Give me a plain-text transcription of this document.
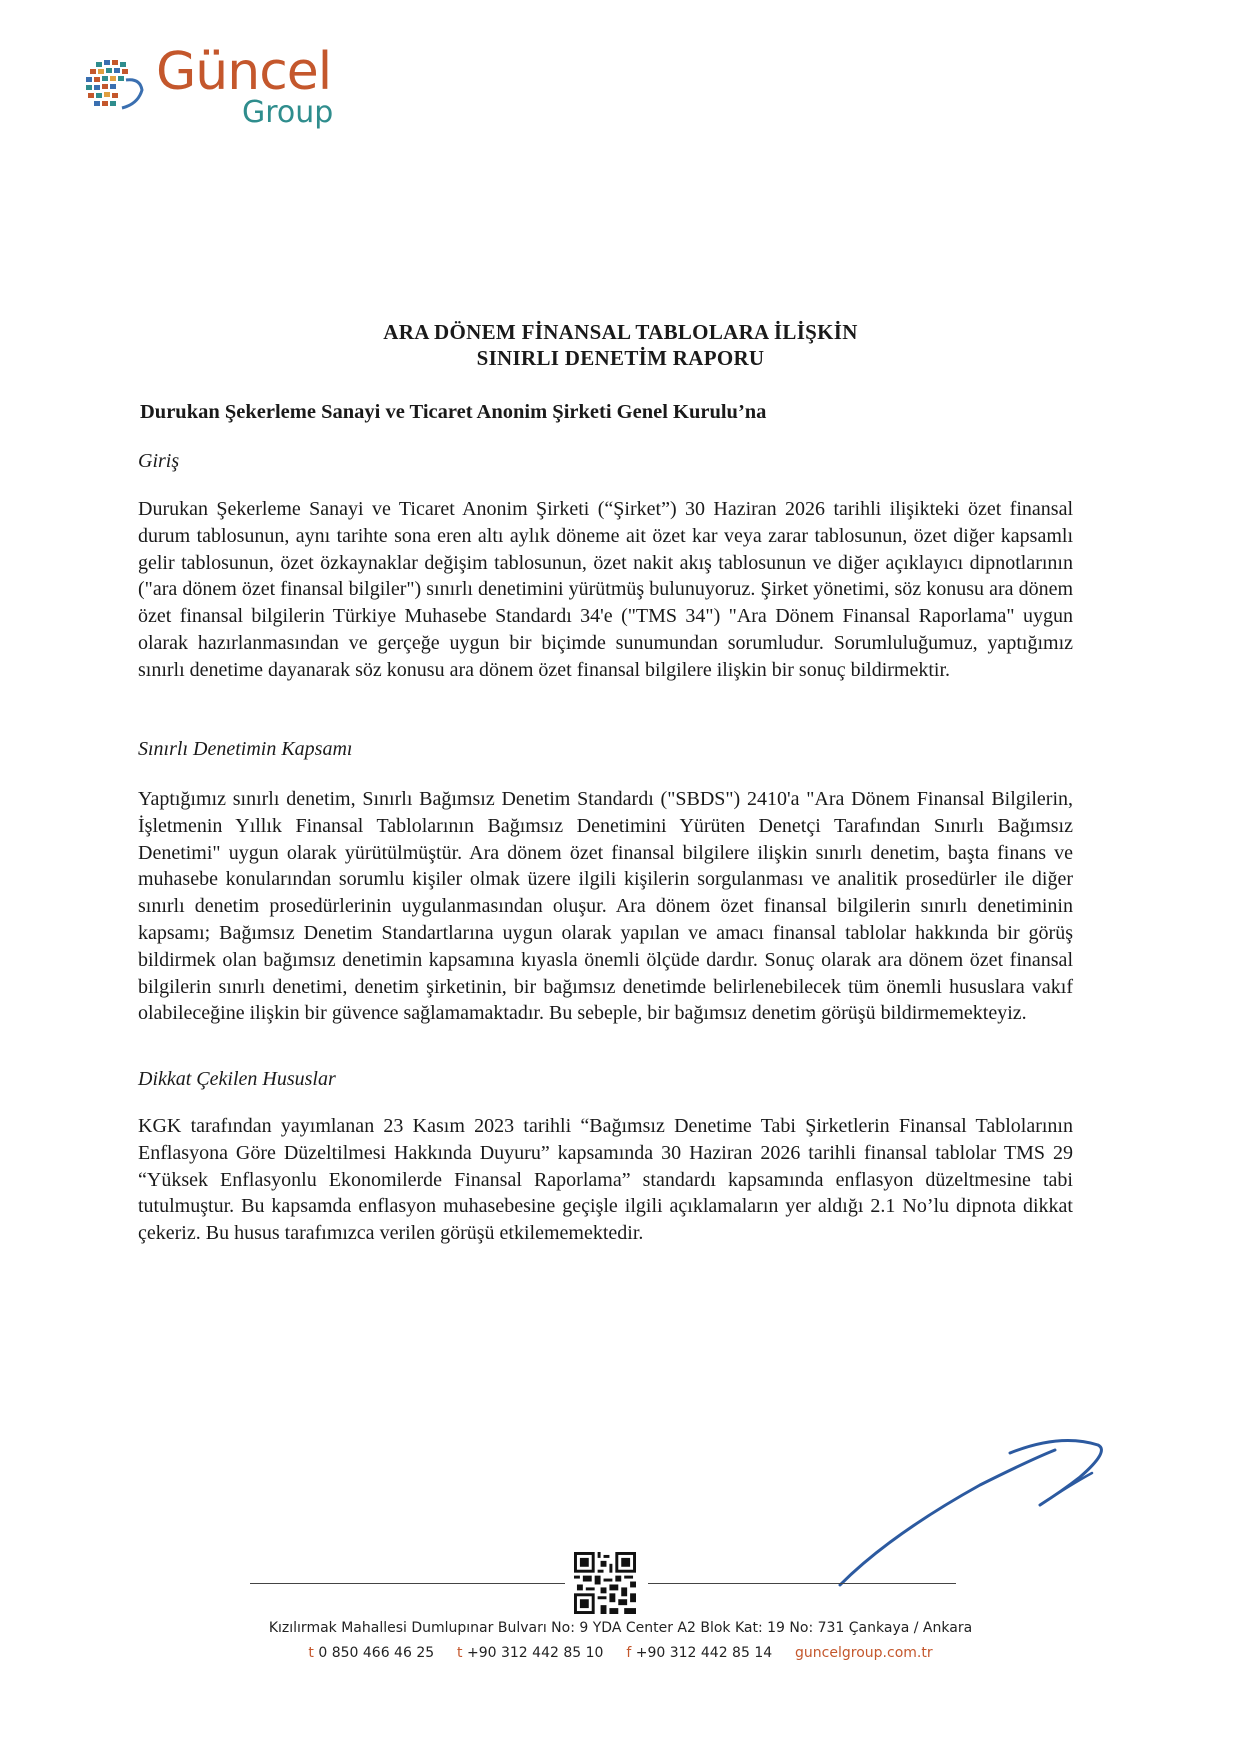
Güncel
Group
ARA DÖNEM FİNANSAL TABLOLARA İLİŞKİN
SINIRLI DENETİM RAPORU
Durukan Şekerleme Sanayi ve Ticaret Anonim Şirketi Genel Kurulu’na
Giriş

Durukan Şekerleme Sanayi ve Ticaret Anonim Şirketi (“Şirket”) 30 Haziran 2026 tarihli ilişikteki özet finansal durum tablosunun, aynı tarihte sona eren altı aylık döneme ait özet kar veya zarar tablosunun, özet diğer kapsamlı gelir tablosunun, özet özkaynaklar değişim tablosunun, özet nakit akış tablosunun ve diğer açıklayıcı dipnotlarının ("ara dönem özet finansal bilgiler") sınırlı denetimini yürütmüş bulunuyoruz. Şirket yönetimi, söz konusu ara dönem özet finansal bilgilerin Türkiye Muhasebe Standardı 34'e ("TMS 34") "Ara Dönem Finansal Raporlama" uygun olarak hazırlanmasından ve gerçeğe uygun bir biçimde sunumundan sorumludur. Sorumluluğumuz, yaptığımız sınırlı denetime dayanarak söz konusu ara dönem özet finansal bilgilere ilişkin bir sonuç bildirmektir.

Sınırlı Denetimin Kapsamı

Yaptığımız sınırlı denetim, Sınırlı Bağımsız Denetim Standardı ("SBDS") 2410'a "Ara Dönem Finansal Bilgilerin, İşletmenin Yıllık Finansal Tablolarının Bağımsız Denetimini Yürüten Denetçi Tarafından Sınırlı Bağımsız Denetimi" uygun olarak yürütülmüştür. Ara dönem özet finansal bilgilere ilişkin sınırlı denetim, başta finans ve muhasebe konularından sorumlu kişiler olmak üzere ilgili kişilerin sorgulanması ve analitik prosedürler ile diğer sınırlı denetim prosedürlerinin uygulanmasından oluşur. Ara dönem özet finansal bilgilerin sınırlı denetiminin kapsamı; Bağımsız Denetim Standartlarına uygun olarak yapılan ve amacı finansal tablolar hakkında bir görüş bildirmek olan bağımsız denetimin kapsamına kıyasla önemli ölçüde dardır. Sonuç olarak ara dönem özet finansal bilgilerin sınırlı denetimi, denetim şirketinin, bir bağımsız denetimde belirlenebilecek tüm önemli hususlara vakıf olabileceğine ilişkin bir güvence sağlamamaktadır. Bu sebeple, bir bağımsız denetim görüşü bildirmemekteyiz.

Dikkat Çekilen Hususlar

KGK tarafından yayımlanan 23 Kasım 2023 tarihli “Bağımsız Denetime Tabi Şirketlerin Finansal Tablolarının Enflasyona Göre Düzeltilmesi Hakkında Duyuru” kapsamında 30 Haziran 2026 tarihli finansal tablolar TMS 29 “Yüksek Enflasyonlu Ekonomilerde Finansal Raporlama” standardı kapsamında enflasyon düzeltmesine tabi tutulmuştur. Bu kapsamda enflasyon muhasebesine geçişle ilgili açıklamaların yer aldığı 2.1 No’lu dipnota dikkat çekeriz. Bu husus tarafımızca verilen görüşü etkilememektedir.

Kızılırmak Mahallesi Dumlupınar Bulvarı No: 9 YDA Center A2 Blok Kat: 19 No: 731 Çankaya / Ankara
t 0 850 466 46 25 t +90 312 442 85 10 f +90 312 442 85 14 guncelgroup.com.tr
